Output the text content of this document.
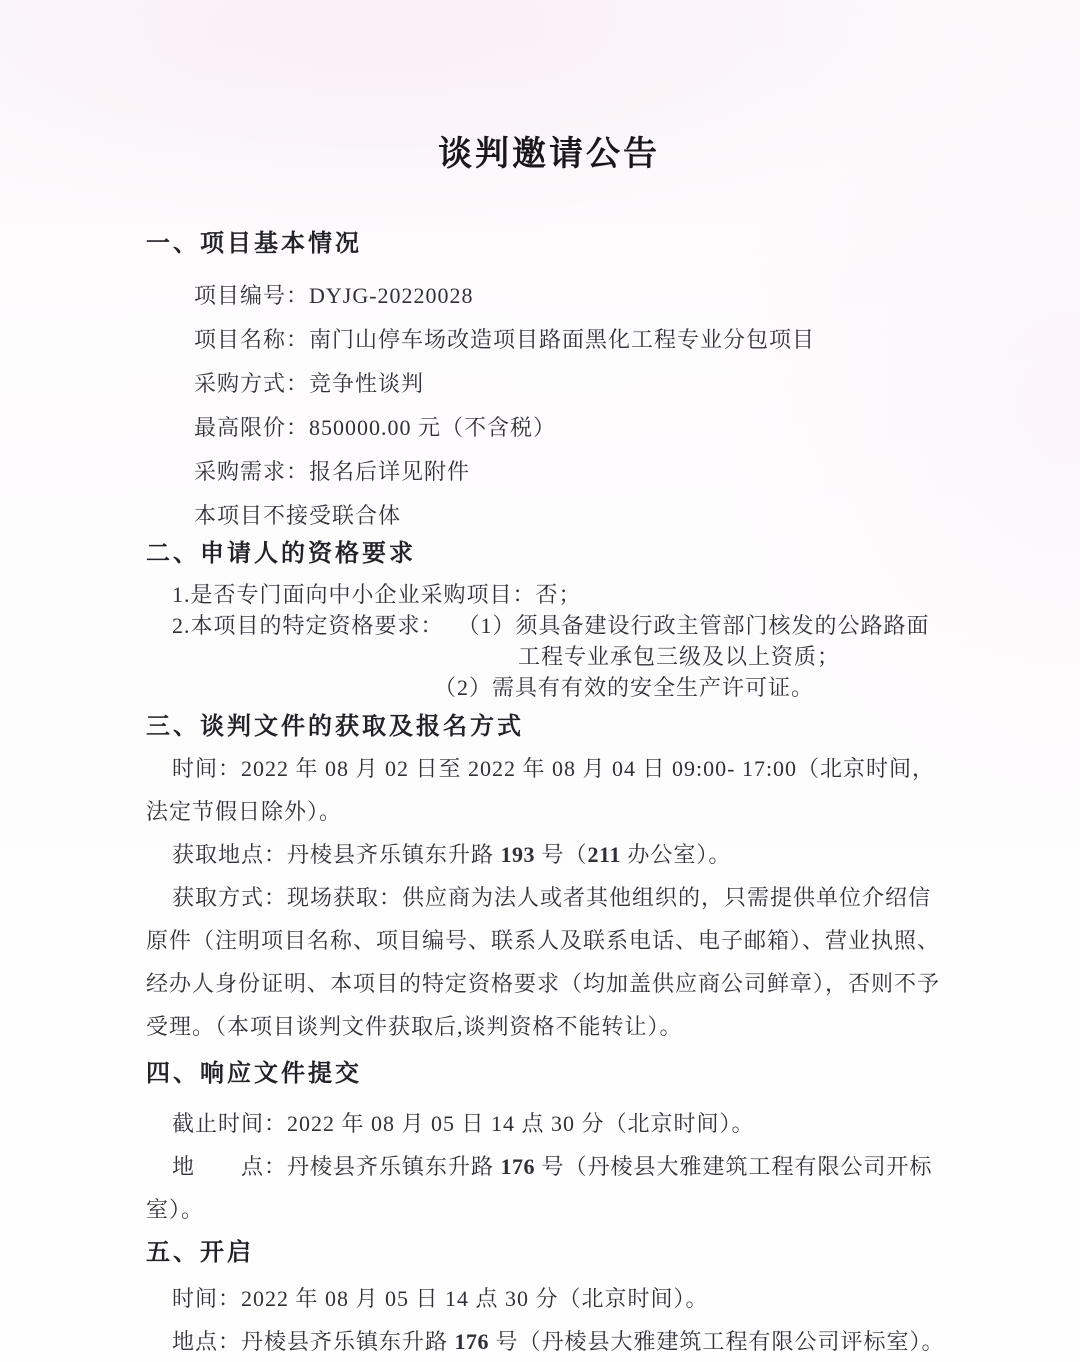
谈判邀请公告
一、项目基本情况
项目编号：DYJG-20220028
项目名称：南门山停车场改造项目路面黑化工程专业分包项目
采购方式：竞争性谈判
最高限价：850000.00 元（不含税）
采购需求：报名后详见附件
本项目不接受联合体
二、申请人的资格要求
1.是否专门面向中小企业采购项目：否；
2.本项目的特定资格要求： （1）须具备建设行政主管部门核发的公路路面
工程专业承包三级及以上资质；
（2）需具有有效的安全生产许可证。
三、谈判文件的获取及报名方式
时间：2022 年 08 月 02 日至 2022 年 08 月 04 日 09:00- 17:00（北京时间，
法定节假日除外）。
获取地点：丹棱县齐乐镇东升路 193 号（211 办公室）。
获取方式：现场获取：供应商为法人或者其他组织的，只需提供单位介绍信
原件（注明项目名称、项目编号、联系人及联系电话、电子邮箱）、营业执照、
经办人身份证明、本项目的特定资格要求（均加盖供应商公司鲜章），否则不予
受理。（本项目谈判文件获取后,谈判资格不能转让）。
四、响应文件提交
截止时间：2022 年 08 月 05 日 14 点 30 分（北京时间）。
地　　点：丹棱县齐乐镇东升路 176 号（丹棱县大雅建筑工程有限公司开标
室）。
五、开启
时间：2022 年 08 月 05 日 14 点 30 分（北京时间）。
地点：丹棱县齐乐镇东升路 176 号（丹棱县大雅建筑工程有限公司评标室）。
